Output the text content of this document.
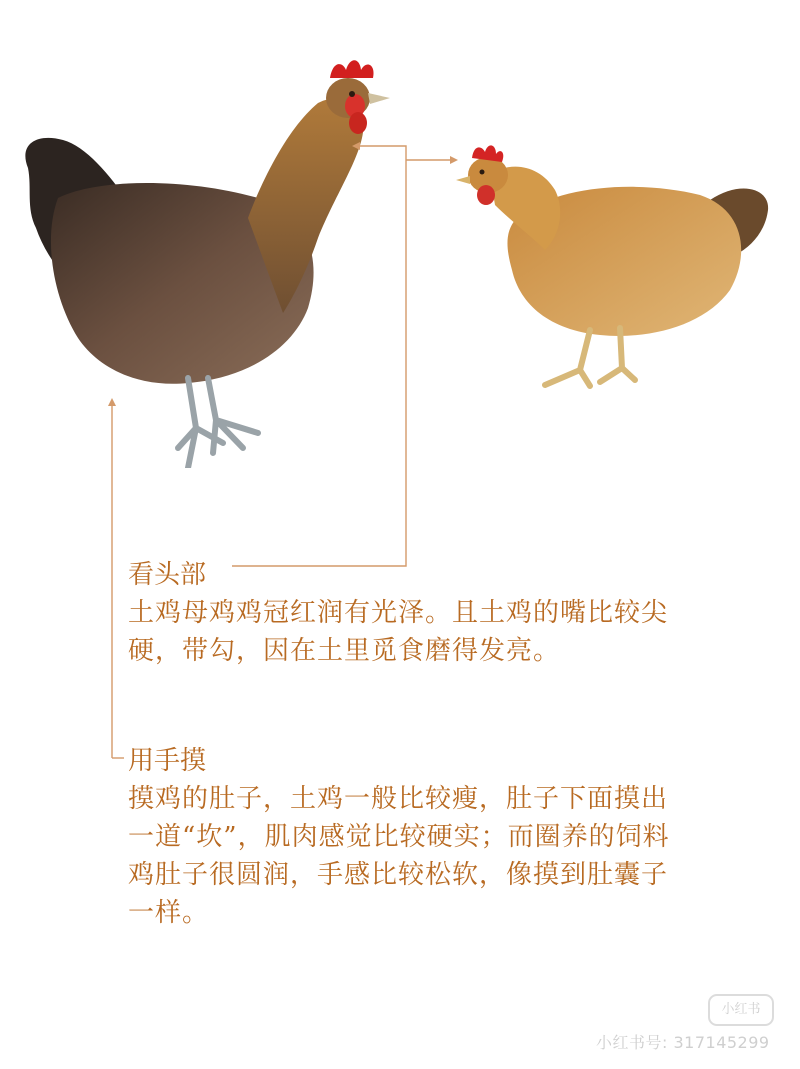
看头部
土鸡母鸡鸡冠红润有光泽。且土鸡的嘴比较尖硬，带勾，因在土里觅食磨得发亮。
用手摸
摸鸡的肚子，土鸡一般比较瘦，肚子下面摸出一道“坎”，肌肉感觉比较硬实；而圈养的饲料鸡肚子很圆润，手感比较松软，像摸到肚囊子一样。
小红书
小红书号: 317145299
